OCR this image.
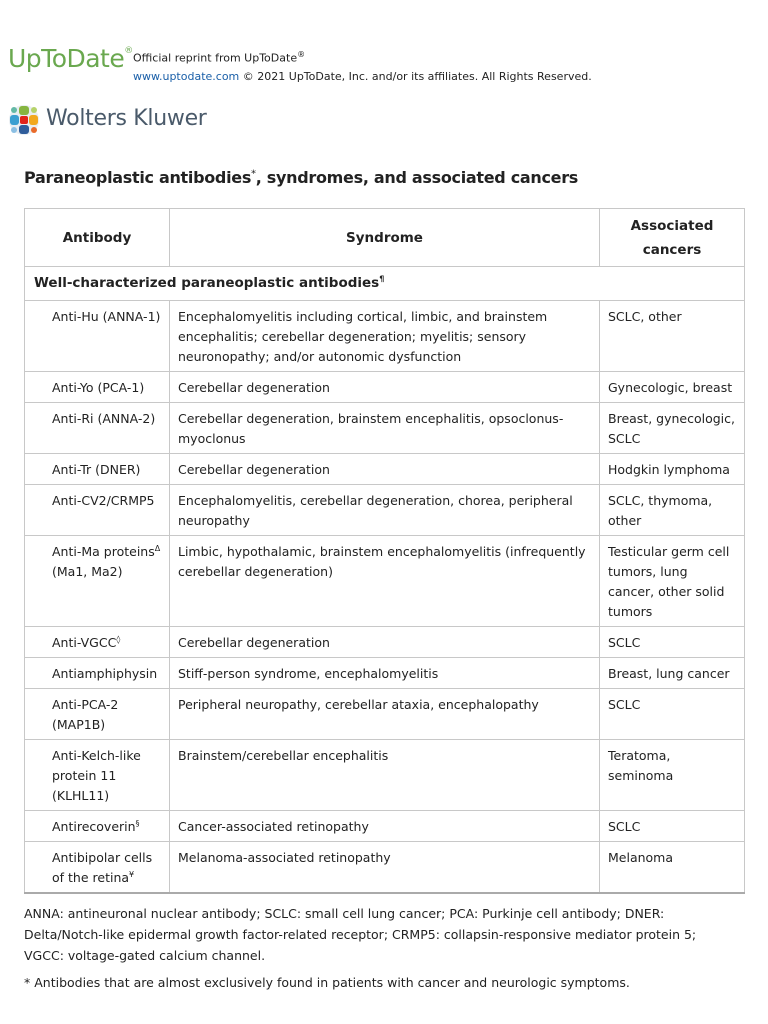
UpToDate®
Official reprint from UpToDate®
www.uptodate.com © 2021 UpToDate, Inc. and/or its affiliates. All Rights Reserved.
Wolters Kluwer
Paraneoplastic antibodies*, syndromes, and associated cancers
Antibody	Syndrome	Associated cancers
Well-characterized paraneoplastic antibodies¶
Anti-Hu (ANNA-1)	Encephalomyelitis including cortical, limbic, and brainstem encephalitis; cerebellar degeneration; myelitis; sensory neuronopathy; and/or autonomic dysfunction	SCLC, other
Anti-Yo (PCA-1)	Cerebellar degeneration	Gynecologic, breast
Anti-Ri (ANNA-2)	Cerebellar degeneration, brainstem encephalitis, opsoclonus-myoclonus	Breast, gynecologic, SCLC
Anti-Tr (DNER)	Cerebellar degeneration	Hodgkin lymphoma
Anti-CV2/CRMP5	Encephalomyelitis, cerebellar degeneration, chorea, peripheral neuropathy	SCLC, thymoma, other
Anti-Ma proteins$^\Delta$ (Ma1, Ma2)	Limbic, hypothalamic, brainstem encephalomyelitis (infrequently cerebellar degeneration)	Testicular germ cell tumors, lung cancer, other solid tumors
Anti-VGCC◊	Cerebellar degeneration	SCLC
Antiamphiphysin	Stiff-person syndrome, encephalomyelitis	Breast, lung cancer
Anti-PCA-2 (MAP1B)	Peripheral neuropathy, cerebellar ataxia, encephalopathy	SCLC
Anti-Kelch-like protein 11 (KLHL11)	Brainstem/cerebellar encephalitis	Teratoma, seminoma
Antirecoverin§	Cancer-associated retinopathy	SCLC
Antibipolar cells of the retina¥	Melanoma-associated retinopathy	Melanoma

ANNA: antineuronal nuclear antibody; SCLC: small cell lung cancer; PCA: Purkinje cell antibody; DNER: Delta/Notch-like epidermal growth factor-related receptor; CRMP5: collapsin-responsive mediator protein 5; VGCC: voltage-gated calcium channel.

* Antibodies that are almost exclusively found in patients with cancer and neurologic symptoms.
